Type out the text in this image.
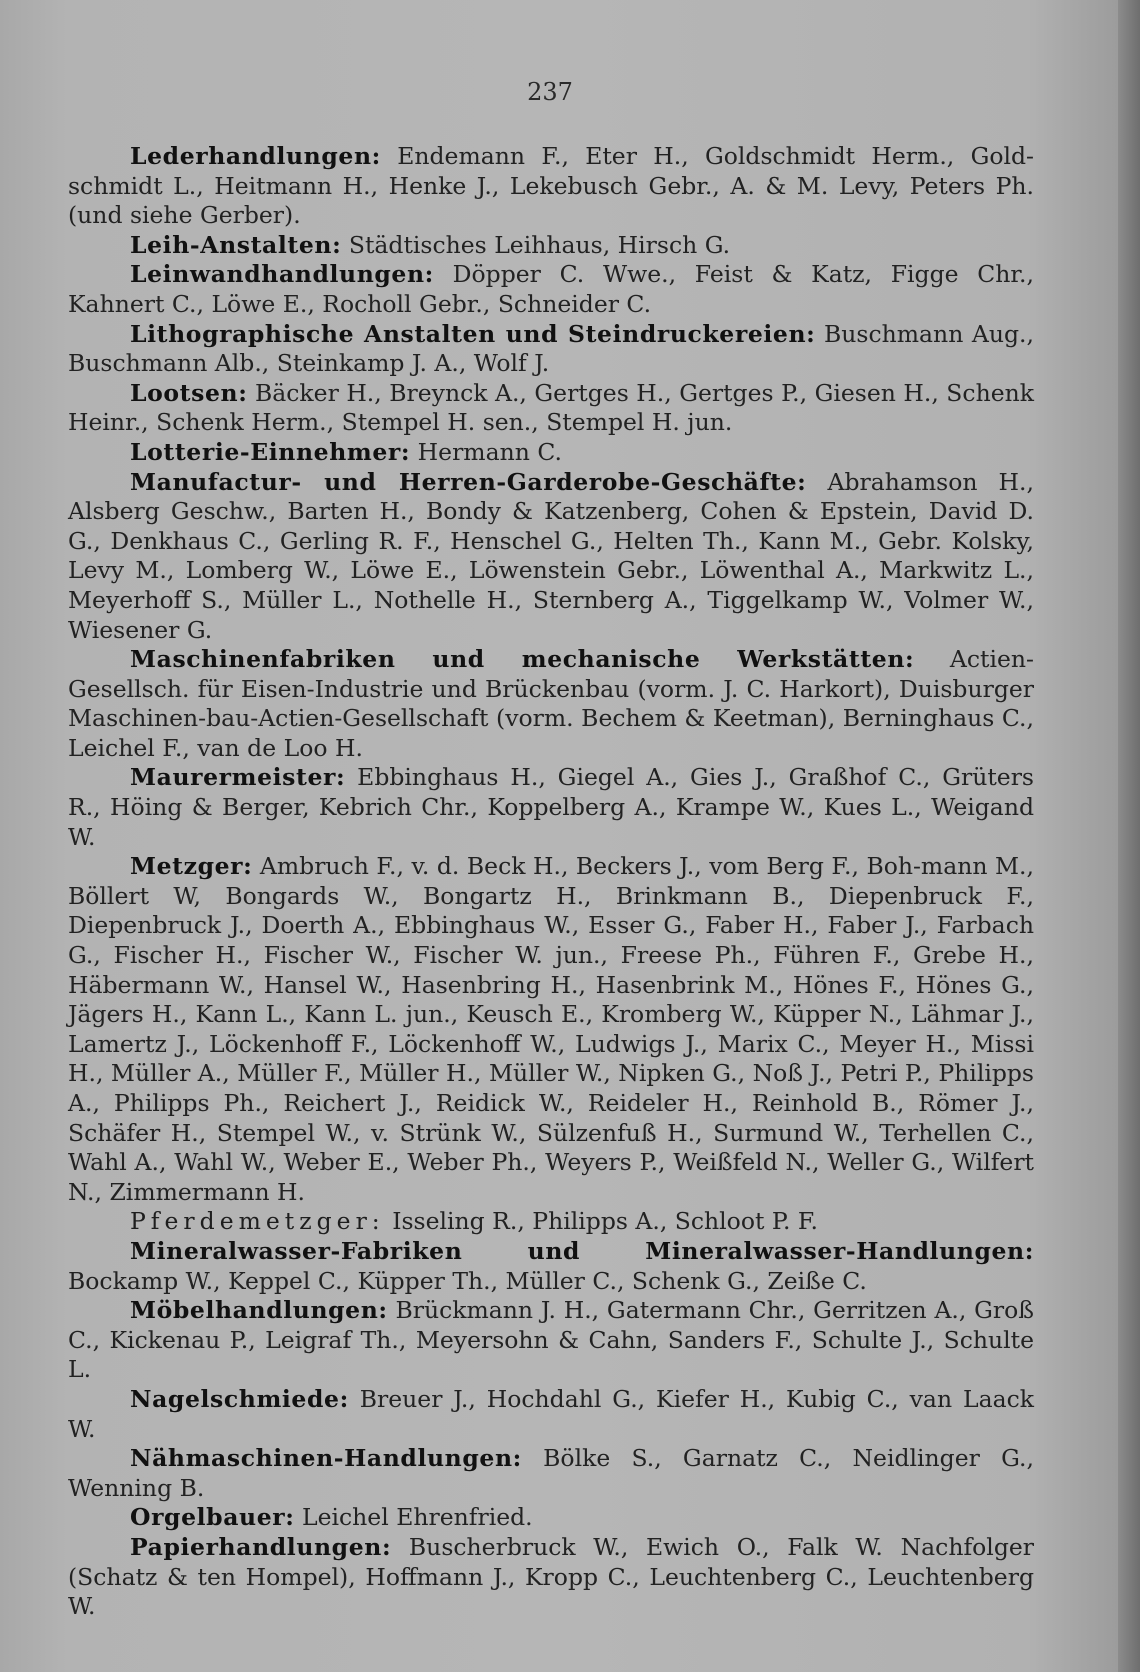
237

Lederhandlungen: Endemann F., Eter H., Goldschmidt Herm., Gold-schmidt L., Heitmann H., Henke J., Lekebusch Gebr., A. & M. Levy, Peters Ph. (und siehe Gerber).

Leih-Anstalten: Städtisches Leihhaus, Hirsch G.

Leinwandhandlungen: Döpper C. Wwe., Feist & Katz, Figge Chr., Kahnert C., Löwe E., Rocholl Gebr., Schneider C.

Lithographische Anstalten und Steindruckereien: Buschmann Aug., Buschmann Alb., Steinkamp J. A., Wolf J.

Lootsen: Bäcker H., Breynck A., Gertges H., Gertges P., Giesen H., Schenk Heinr., Schenk Herm., Stempel H. sen., Stempel H. jun.

Lotterie-Einnehmer: Hermann C.

Manufactur- und Herren-Garderobe-Geschäfte: Abrahamson H., Alsberg Geschw., Barten H., Bondy & Katzenberg, Cohen & Epstein, David D. G., Denkhaus C., Gerling R. F., Henschel G., Helten Th., Kann M., Gebr. Kolsky, Levy M., Lomberg W., Löwe E., Löwenstein Gebr., Löwenthal A., Markwitz L., Meyerhoff S., Müller L., Nothelle H., Sternberg A., Tiggelkamp W., Volmer W., Wiesener G.

Maschinenfabriken und mechanische Werkstätten: Actien-Gesellsch. für Eisen-Industrie und Brückenbau (vorm. J. C. Harkort), Duisburger Maschinen-bau-Actien-Gesellschaft (vorm. Bechem & Keetman), Berninghaus C., Leichel F., van de Loo H.

Maurermeister: Ebbinghaus H., Giegel A., Gies J., Graßhof C., Grüters R., Höing & Berger, Kebrich Chr., Koppelberg A., Krampe W., Kues L., Weigand W.

Metzger: Ambruch F., v. d. Beck H., Beckers J., vom Berg F., Boh-mann M., Böllert W, Bongards W., Bongartz H., Brinkmann B., Diepenbruck F., Diepenbruck J., Doerth A., Ebbinghaus W., Esser G., Faber H., Faber J., Farbach G., Fischer H., Fischer W., Fischer W. jun., Freese Ph., Führen F., Grebe H., Häbermann W., Hansel W., Hasenbring H., Hasenbrink M., Hönes F., Hönes G., Jägers H., Kann L., Kann L. jun., Keusch E., Kromberg W., Küpper N., Lähmar J., Lamertz J., Löckenhoff F., Löckenhoff W., Ludwigs J., Marix C., Meyer H., Missi H., Müller A., Müller F., Müller H., Müller W., Nipken G., Noß J., Petri P., Philipps A., Philipps Ph., Reichert J., Reidick W., Reideler H., Reinhold B., Römer J., Schäfer H., Stempel W., v. Strünk W., Sülzenfuß H., Surmund W., Terhellen C., Wahl A., Wahl W., Weber E., Weber Ph., Weyers P., Weißfeld N., Weller G., Wilfert N., Zimmermann H.

Pferdemetzger: Isseling R., Philipps A., Schloot P. F.

Mineralwasser-Fabriken und Mineralwasser-Handlungen: Bockamp W., Keppel C., Küpper Th., Müller C., Schenk G., Zeiße C.

Möbelhandlungen: Brückmann J. H., Gatermann Chr., Gerritzen A., Groß C., Kickenau P., Leigraf Th., Meyersohn & Cahn, Sanders F., Schulte J., Schulte L.

Nagelschmiede: Breuer J., Hochdahl G., Kiefer H., Kubig C., van Laack W.

Nähmaschinen-Handlungen: Bölke S., Garnatz C., Neidlinger G., Wenning B.

Orgelbauer: Leichel Ehrenfried.

Papierhandlungen: Buscherbruck W., Ewich O., Falk W. Nachfolger (Schatz & ten Hompel), Hoffmann J., Kropp C., Leuchtenberg C., Leuchtenberg W.
